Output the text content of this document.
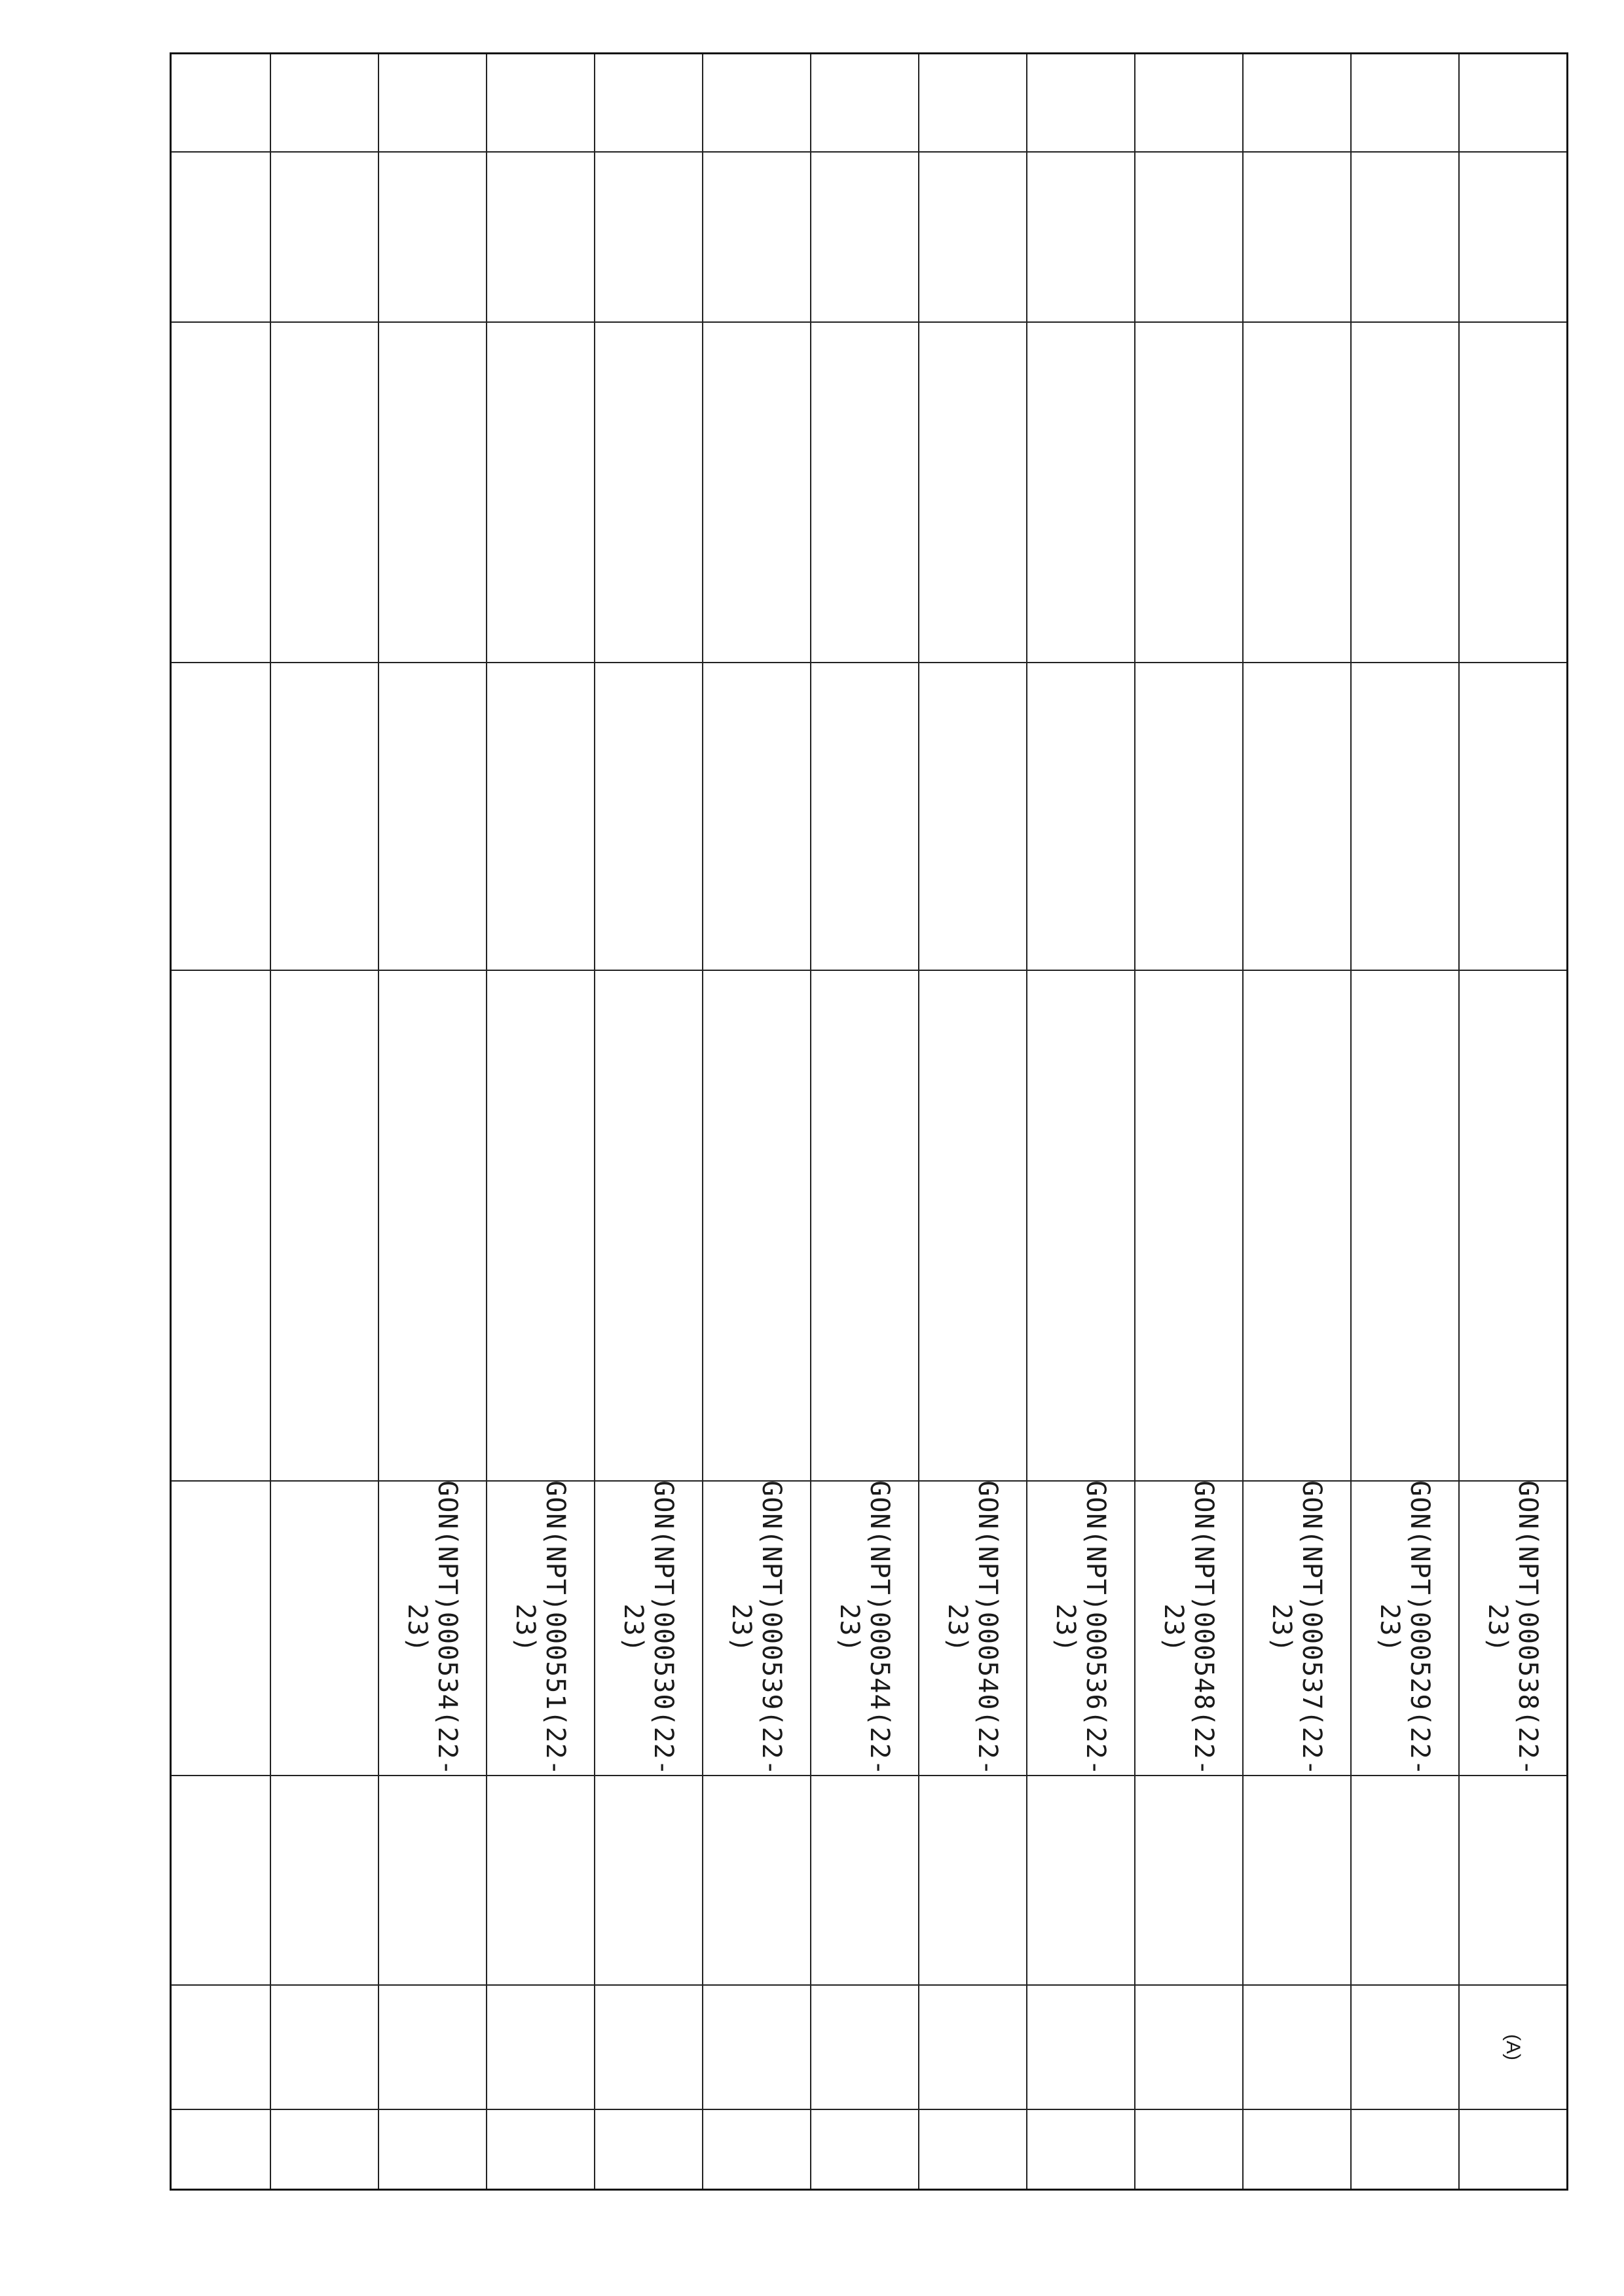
GON(NPT)000538(22-23)
(A)
GON(NPT)000529(22-23)
GON(NPT)000537(22-23)
GON(NPT)000548(22-23)
GON(NPT)000536(22-23)
GON(NPT)000540(22-23)
GON(NPT)000544(22-23)
GON(NPT)000539(22-23)
GON(NPT)000530(22-23)
GON(NPT)000551(22-23)
GON(NPT)000534(22-23)
